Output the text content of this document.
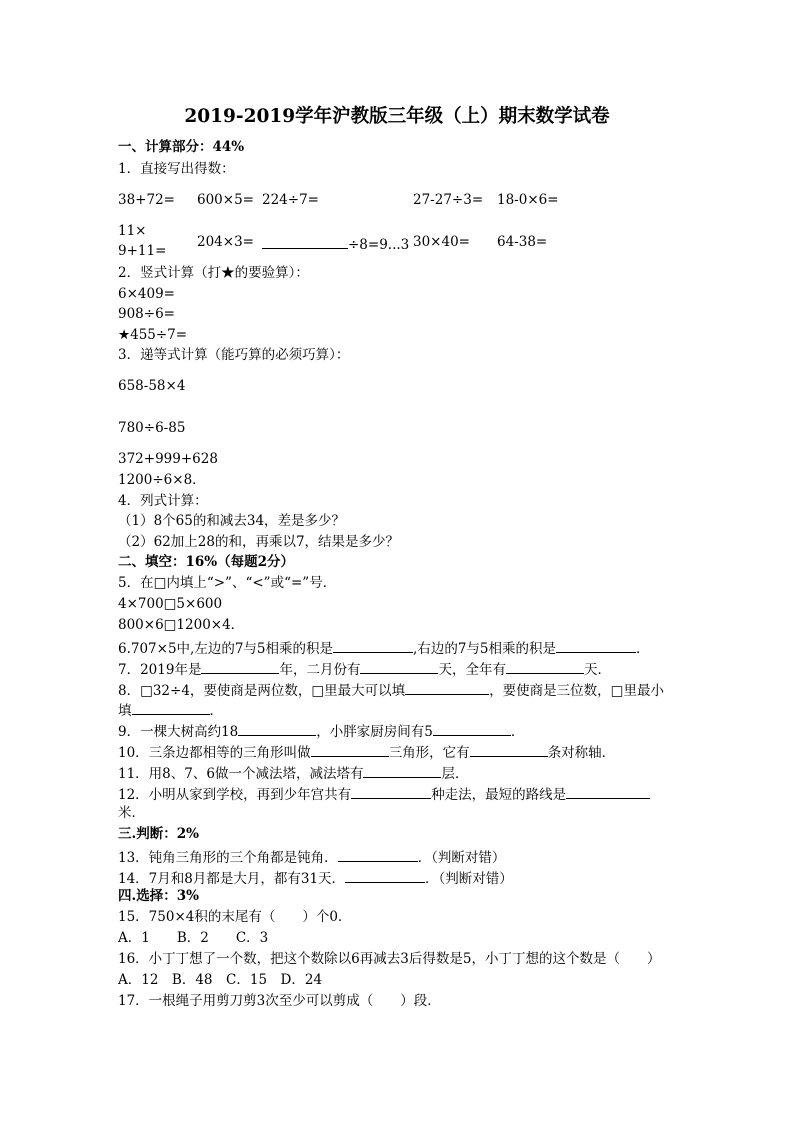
2019-2019学年沪教版三年级（上）期末数学试卷
一、计算部分：44%
1．直接写出得数：
38+72= 600×5= 224÷7=	27-27÷3= 18-0×6=
11×
9+11=
204×3=	÷8=9...3 30×40= 64-38=
2．竖式计算（打★的要验算）：
6×409=
908÷6=
★455÷7=
3．递等式计算（能巧算的必须巧算）：
658-58×4
780÷6-85
372+999+628
1200÷6×8．
4．列式计算：
（1）8个65的和减去34，差是多少？
（2）62加上28的和，再乘以7，结果是多少？
二、填空：16%（每题2分）
5．在□内填上“>”、“<”或“=”号．
4×700□5×600
800×6□1200×4．
6.707×5中,左边的7与5相乘的积是	,右边的7与5相乘的积是	．
7．2019年是	年，二月份有	天，全年有	天．
8．□32÷4，要使商是两位数，□里最大可以填	，要使商是三位数，□里最小
填	．
9．一棵大树高约18	，小胖家厨房间有5	．
10．三条边都相等的三角形叫做	三角形，它有	条对称轴．
11．用8、7、6做一个减法塔，减法塔有	层．
12．小明从家到学校，再到少年宫共有	种走法，最短的路线是
米．
三.判断：2%
13．钝角三角形的三个角都是钝角．	．（判断对错）
14．7月和8月都是大月，都有31天．	．（判断对错）
四.选择：3%
15．750×4积的末尾有（　　）个0．
A．1　　B．2　　C．3
16．小丁丁想了一个数，把这个数除以6再减去3后得数是5，小丁丁想的这个数是（　　）
A．12　B．48　C．15　D．24
17．一根绳子用剪刀剪3次至少可以剪成（　　）段．
